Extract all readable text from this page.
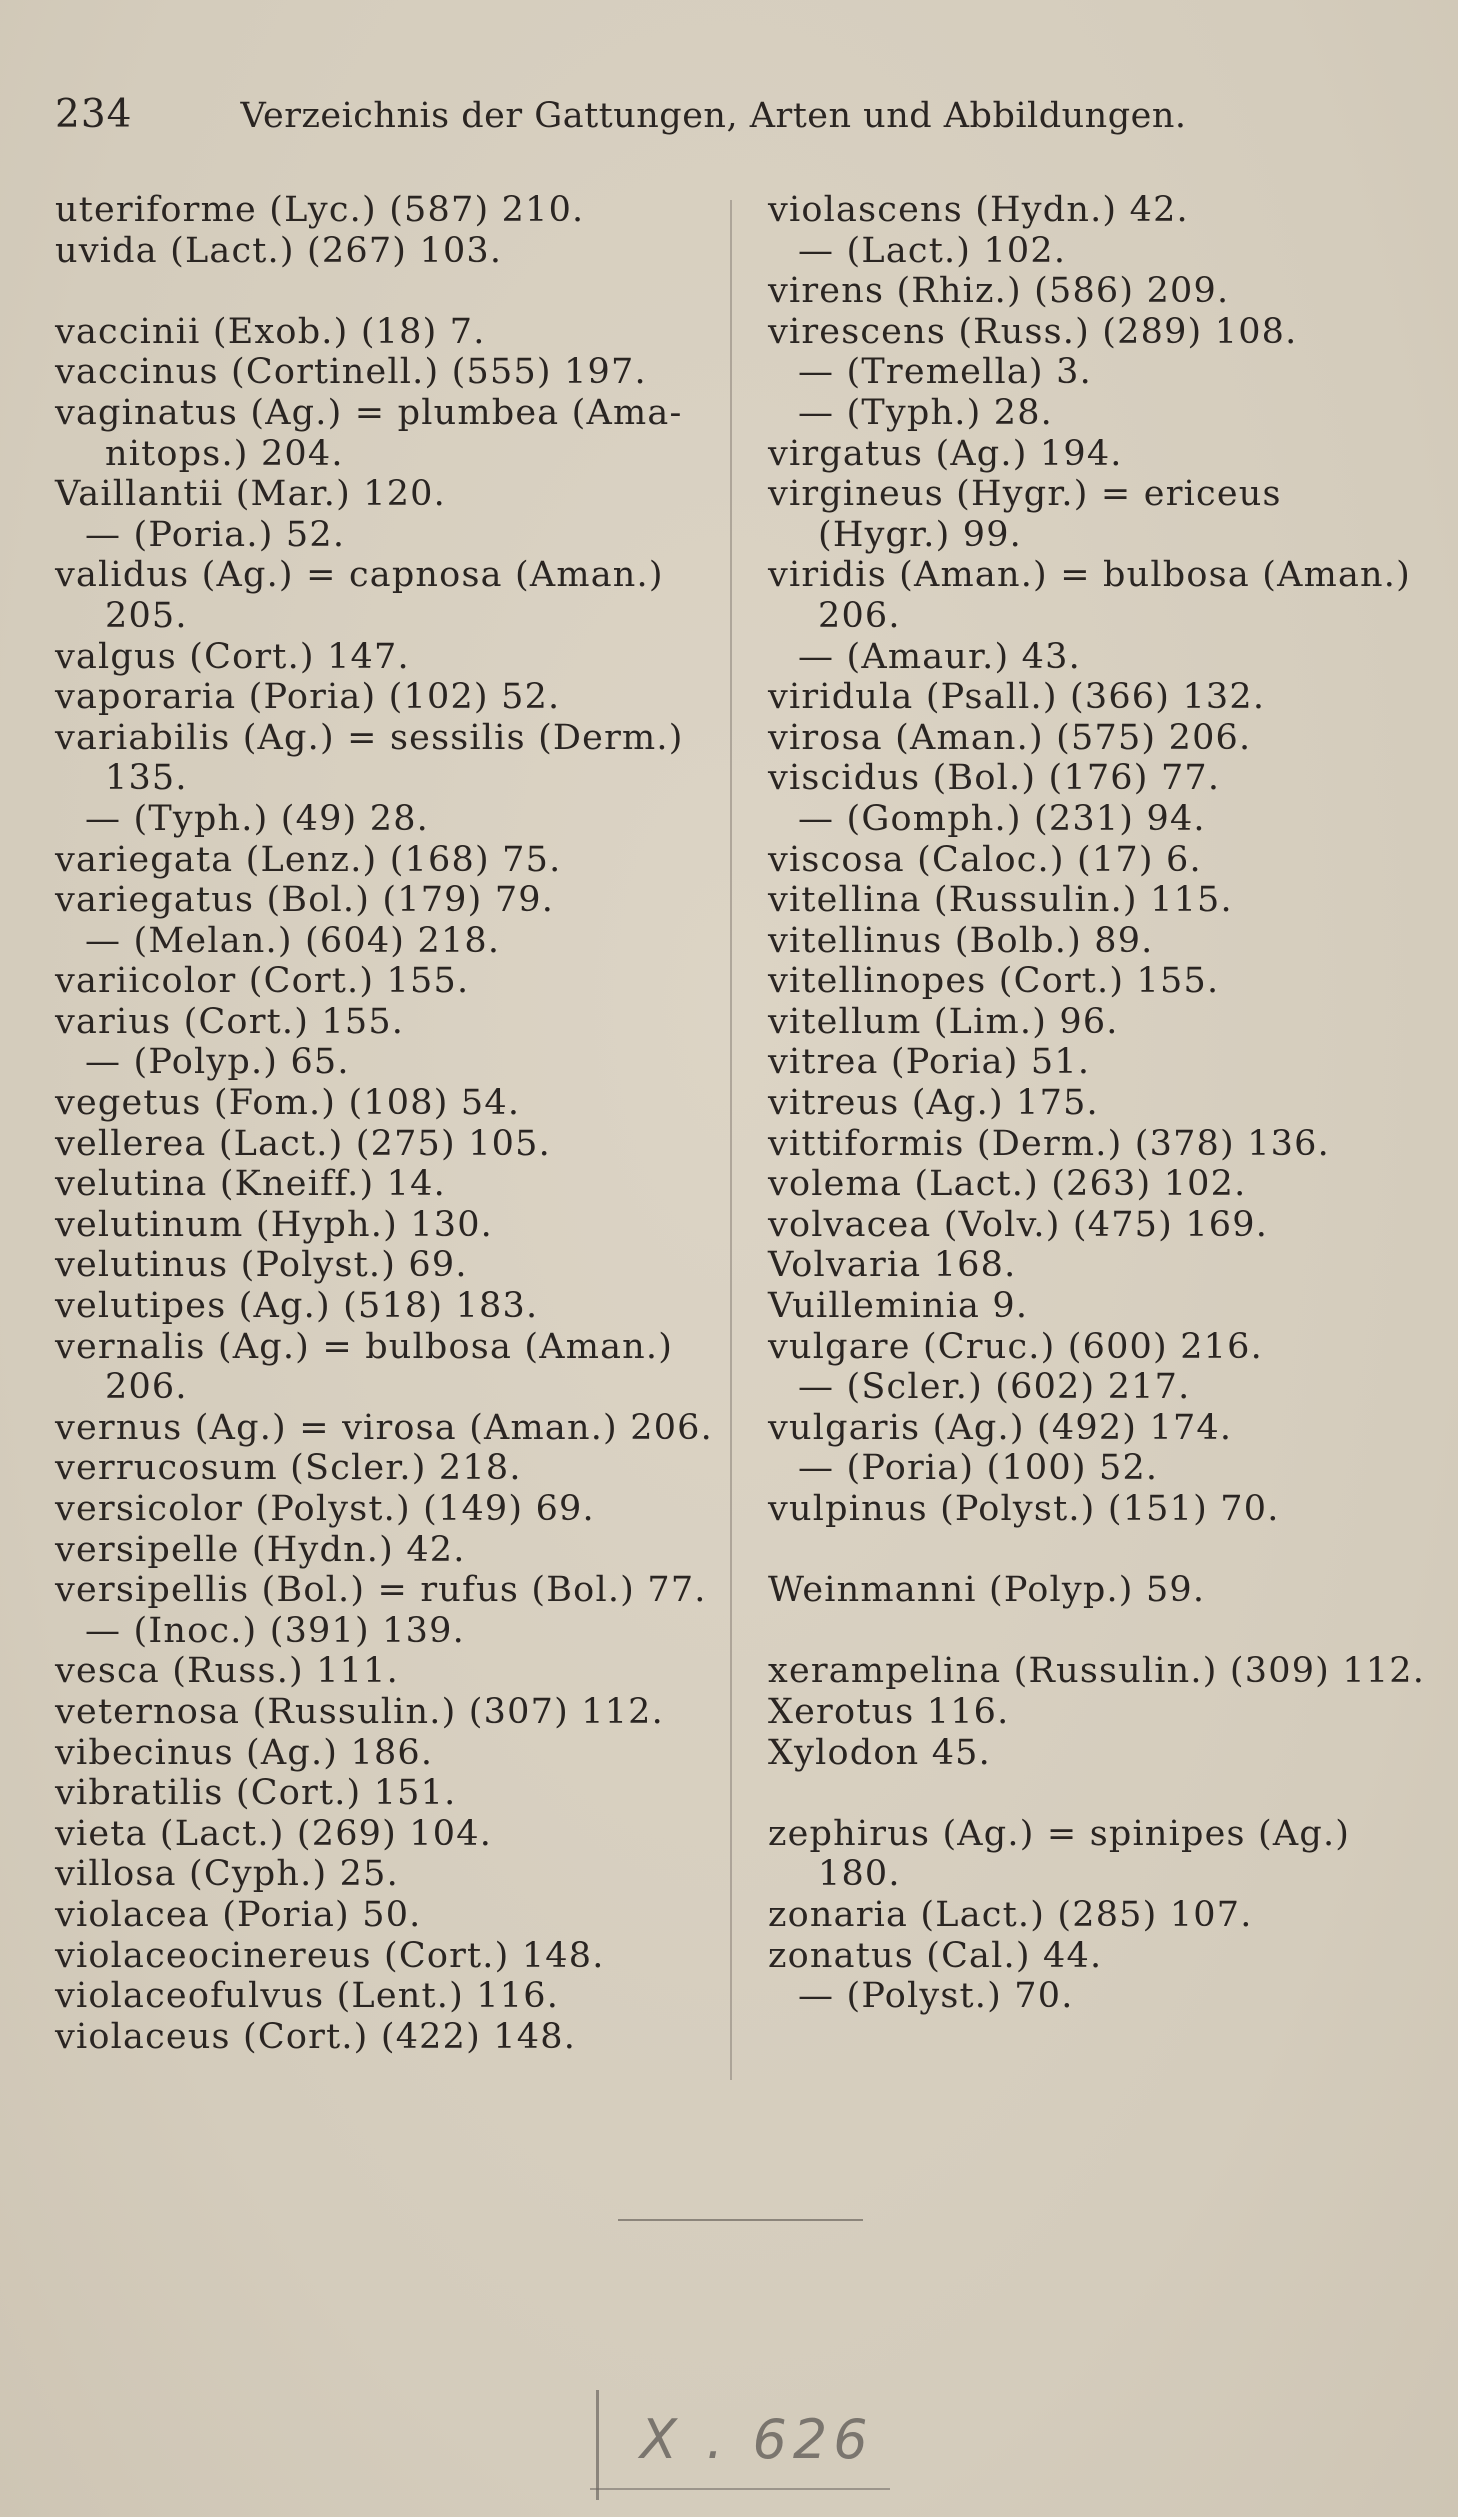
234	Verzeichnis der Gattungen, Arten und Abbildungen.
uteriforme (Lyc.) (587) 210.
uvida (Lact.) (267) 103.
vaccinii (Exob.) (18) 7.
vaccinus (Cortinell.) (555) 197.
vaginatus (Ag.) = plumbea (Ama-
nitops.) 204.
Vaillantii (Mar.) 120.
— (Poria.) 52.
validus (Ag.) = capnosa (Aman.)
205.
valgus (Cort.) 147.
vaporaria (Poria) (102) 52.
variabilis (Ag.) = sessilis (Derm.)
135.
— (Typh.) (49) 28.
variegata (Lenz.) (168) 75.
variegatus (Bol.) (179) 79.
— (Melan.) (604) 218.
variicolor (Cort.) 155.
varius (Cort.) 155.
— (Polyp.) 65.
vegetus (Fom.) (108) 54.
vellerea (Lact.) (275) 105.
velutina (Kneiff.) 14.
velutinum (Hyph.) 130.
velutinus (Polyst.) 69.
velutipes (Ag.) (518) 183.
vernalis (Ag.) = bulbosa (Aman.)
206.
vernus (Ag.) = virosa (Aman.) 206.
verrucosum (Scler.) 218.
versicolor (Polyst.) (149) 69.
versipelle (Hydn.) 42.
versipellis (Bol.) = rufus (Bol.) 77.
— (Inoc.) (391) 139.
vesca (Russ.) 111.
veternosa (Russulin.) (307) 112.
vibecinus (Ag.) 186.
vibratilis (Cort.) 151.
vieta (Lact.) (269) 104.
villosa (Cyph.) 25.
violacea (Poria) 50.
violaceocinereus (Cort.) 148.
violaceofulvus (Lent.) 116.
violaceus (Cort.) (422) 148.
violascens (Hydn.) 42.
— (Lact.) 102.
virens (Rhiz.) (586) 209.
virescens (Russ.) (289) 108.
— (Tremella) 3.
— (Typh.) 28.
virgatus (Ag.) 194.
virgineus (Hygr.) = ericeus
(Hygr.) 99.
viridis (Aman.) = bulbosa (Aman.)
206.
— (Amaur.) 43.
viridula (Psall.) (366) 132.
virosa (Aman.) (575) 206.
viscidus (Bol.) (176) 77.
— (Gomph.) (231) 94.
viscosa (Caloc.) (17) 6.
vitellina (Russulin.) 115.
vitellinus (Bolb.) 89.
vitellinopes (Cort.) 155.
vitellum (Lim.) 96.
vitrea (Poria) 51.
vitreus (Ag.) 175.
vittiformis (Derm.) (378) 136.
volema (Lact.) (263) 102.
volvacea (Volv.) (475) 169.
Volvaria 168.
Vuilleminia 9.
vulgare (Cruc.) (600) 216.
— (Scler.) (602) 217.
vulgaris (Ag.) (492) 174.
— (Poria) (100) 52.
vulpinus (Polyst.) (151) 70.
Weinmanni (Polyp.) 59.
xerampelina (Russulin.) (309) 112.
Xerotus 116.
Xylodon 45.
zephirus (Ag.) = spinipes (Ag.)
180.
zonaria (Lact.) (285) 107.
zonatus (Cal.) 44.
— (Polyst.) 70.
X . 626
